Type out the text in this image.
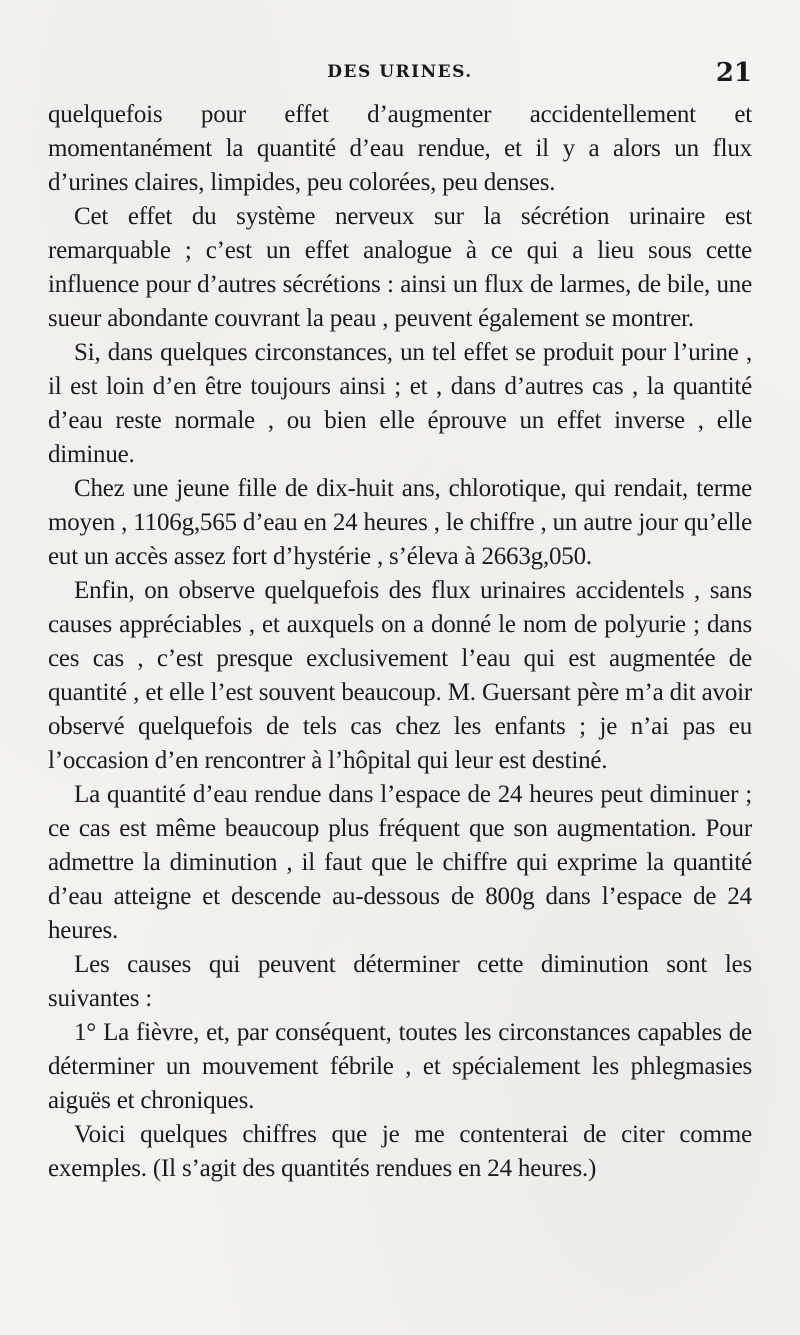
DES URINES.	21

quelquefois pour effet d’augmenter accidentellement et momentanément la quantité d’eau rendue, et il y a alors un flux d’urines claires, limpides, peu colorées, peu denses.

Cet effet du système nerveux sur la sécrétion urinaire est remarquable ; c’est un effet analogue à ce qui a lieu sous cette influence pour d’autres sécrétions : ainsi un flux de larmes, de bile, une sueur abondante couvrant la peau , peuvent également se montrer.

Si, dans quelques circonstances, un tel effet se produit pour l’urine , il est loin d’en être toujours ainsi ; et , dans d’autres cas , la quantité d’eau reste normale , ou bien elle éprouve un effet inverse , elle diminue.

Chez une jeune fille de dix-huit ans, chlorotique, qui rendait, terme moyen , 1106g,565 d’eau en 24 heures , le chiffre , un autre jour qu’elle eut un accès assez fort d’hystérie , s’éleva à 2663g,050.

Enfin, on observe quelquefois des flux urinaires accidentels , sans causes appréciables , et auxquels on a donné le nom de polyurie ; dans ces cas , c’est presque exclusivement l’eau qui est augmentée de quantité , et elle l’est souvent beaucoup. M. Guersant père m’a dit avoir observé quelquefois de tels cas chez les enfants ; je n’ai pas eu l’occasion d’en rencontrer à l’hôpital qui leur est destiné.

La quantité d’eau rendue dans l’espace de 24 heures peut diminuer ; ce cas est même beaucoup plus fréquent que son augmentation. Pour admettre la diminution , il faut que le chiffre qui exprime la quantité d’eau atteigne et descende au-dessous de 800g dans l’espace de 24 heures.

Les causes qui peuvent déterminer cette diminution sont les suivantes :

1° La fièvre, et, par conséquent, toutes les circonstances capables de déterminer un mouvement fébrile , et spécialement les phlegmasies aiguës et chroniques.

Voici quelques chiffres que je me contenterai de citer comme exemples. (Il s’agit des quantités rendues en 24 heures.)
